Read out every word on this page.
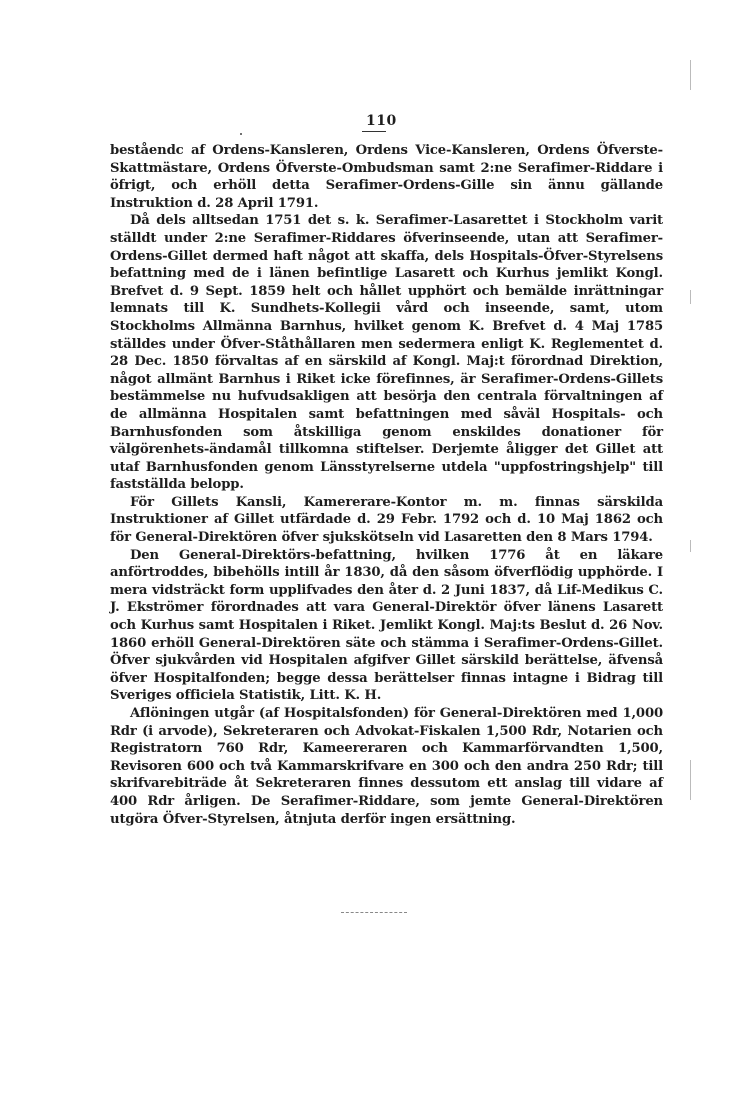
110

beståendc af Ordens-Kansleren, Ordens Vice-Kansleren, Ordens Öfverste-Skattmästare, Ordens Öfverste-Ombudsman samt 2:ne Serafimer-Riddare i öfrigt, och erhöll detta Serafimer-Ordens-Gille sin ännu gällande Instruktion d. 28 April 1791.

Då dels alltsedan 1751 det s. k. Serafimer-Lasarettet i Stockholm varit ställdt under 2:ne Serafimer-Riddares öfverinseende, utan att Serafimer-Ordens-Gillet dermed haft något att skaffa, dels Hospitals-Öfver-Styrelsens befattning med de i länen befintlige Lasarett och Kurhus jemlikt Kongl. Brefvet d. 9 Sept. 1859 helt och hållet upphört och bemälde inrättningar lemnats till K. Sundhets-Kollegii vård och inseende, samt, utom Stockholms Allmänna Barnhus, hvilket genom K. Brefvet d. 4 Maj 1785 ställdes under Öfver-Ståthållaren men sedermera enligt K. Reglementet d. 28 Dec. 1850 förvaltas af en särskild af Kongl. Maj:t förordnad Direktion, något allmänt Barnhus i Riket icke förefinnes, är Serafimer-Ordens-Gillets bestämmelse nu hufvudsakligen att besörja den centrala förvaltningen af de allmänna Hospitalen samt befattningen med såväl Hospitals- och Barnhusfonden som åtskilliga genom enskildes donationer för välgörenhets-ändamål tillkomna stiftelser. Derjemte åligger det Gillet att utaf Barnhusfonden genom Länsstyrelserne utdela "uppfostringshjelp" till fastställda belopp.

För Gillets Kansli, Kamererare-Kontor m. m. finnas särskilda Instruktioner af Gillet utfärdade d. 29 Febr. 1792 och d. 10 Maj 1862 och för General-Direktören öfver sjukskötseln vid Lasaretten den 8 Mars 1794.

Den General-Direktörs-befattning, hvilken 1776 åt en läkare anförtroddes, bibehölls intill år 1830, då den såsom öfverflödig upphörde. I mera vidsträckt form upplifvades den åter d. 2 Juni 1837, då Lif-Medikus C. J. Ekströmer förordnades att vara General-Direktör öfver länens Lasarett och Kurhus samt Hospitalen i Riket. Jemlikt Kongl. Maj:ts Beslut d. 26 Nov. 1860 erhöll General-Direktören säte och stämma i Serafimer-Ordens-Gillet. Öfver sjukvården vid Hospitalen afgifver Gillet särskild berättelse, äfvenså öfver Hospitalfonden; begge dessa berättelser finnas intagne i Bidrag till Sveriges officiela Statistik, Litt. K. H.

Aflöningen utgår (af Hospitalsfonden) för General-Direktören med 1,000 Rdr (i arvode), Sekreteraren och Advokat-Fiskalen 1,500 Rdr, Notarien och Registratorn 760 Rdr, Kameereraren och Kammarförvandten 1,500, Revisoren 600 och två Kammarskrifvare en 300 och den andra 250 Rdr; till skrifvarebiträde åt Sekreteraren finnes dessutom ett anslag till vidare af 400 Rdr årligen. De Serafimer-Riddare, som jemte General-Direktören utgöra Öfver-Styrelsen, åtnjuta derför ingen ersättning.
